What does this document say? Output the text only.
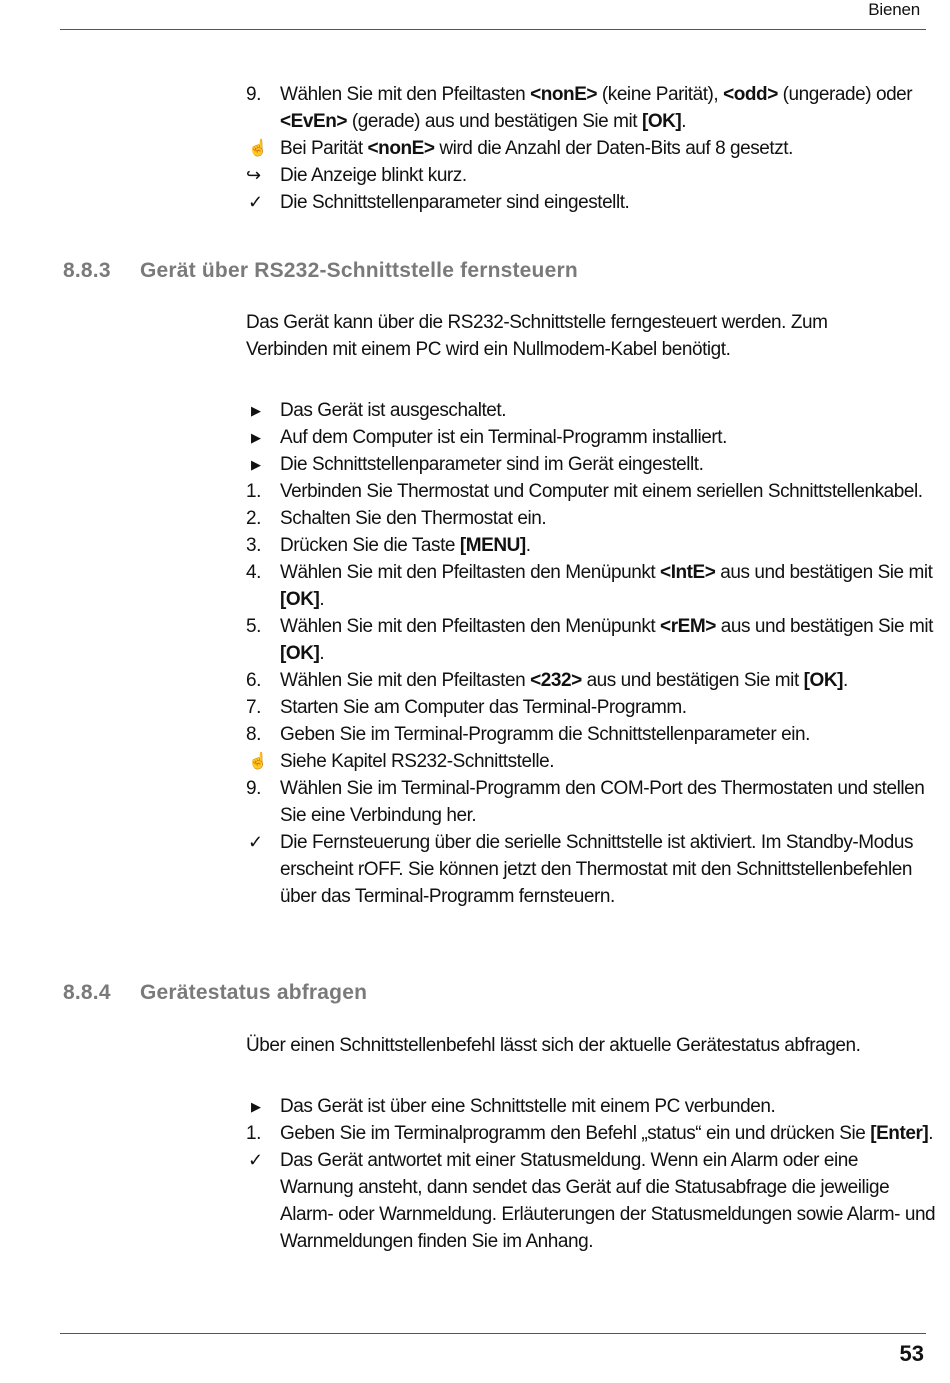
Bienen
9.	Wählen Sie mit den Pfeiltasten <nonE> (keine Parität), <odd> (ungerade) oder <EvEn> (gerade) aus und bestätigen Sie mit [OK].
☝ Bei Parität <nonE> wird die Anzahl der Daten-Bits auf 8 gesetzt.
↪	Die Anzeige blinkt kurz.
✓ Die Schnittstellenparameter sind eingestellt.
8.8.3 Gerät über RS232-Schnittstelle fernsteuern

Das Gerät kann über die RS232-Schnittstelle ferngesteuert werden. Zum Verbinden mit einem PC wird ein Nullmodem-Kabel benötigt.

▶	Das Gerät ist ausgeschaltet.
▶	Auf dem Computer ist ein Terminal-Programm installiert.
▶	Die Schnittstellenparameter sind im Gerät eingestellt.
1.	Verbinden Sie Thermostat und Computer mit einem seriellen Schnittstellenkabel.
2.	Schalten Sie den Thermostat ein.
3.	Drücken Sie die Taste [MENU].
4.	Wählen Sie mit den Pfeiltasten den Menüpunkt <IntE> aus und bestätigen Sie mit [OK].
5.	Wählen Sie mit den Pfeiltasten den Menüpunkt <rEM> aus und bestätigen Sie mit [OK].
6.	Wählen Sie mit den Pfeiltasten <232> aus und bestätigen Sie mit [OK].
7.	Starten Sie am Computer das Terminal-Programm.
8.	Geben Sie im Terminal-Programm die Schnittstellenparameter ein.
☝ Siehe Kapitel RS232-Schnittstelle.
9.	Wählen Sie im Terminal-Programm den COM-Port des Thermostaten und stellen Sie eine Verbindung her.
✓ Die Fernsteuerung über die serielle Schnittstelle ist aktiviert. Im Standby-Modus erscheint rOFF. Sie können jetzt den Thermostat mit den Schnittstellenbefehlen über das Terminal-Programm fernsteuern.
8.8.4 Gerätestatus abfragen

Über einen Schnittstellenbefehl lässt sich der aktuelle Gerätestatus abfragen.

▶	Das Gerät ist über eine Schnittstelle mit einem PC verbunden.
1.	Geben Sie im Terminalprogramm den Befehl „status“ ein und drücken Sie [Enter].
✓ Das Gerät antwortet mit einer Statusmeldung. Wenn ein Alarm oder eine Warnung ansteht, dann sendet das Gerät auf die Statusabfrage die jeweilige Alarm- oder Warnmeldung. Erläuterungen der Statusmeldungen sowie Alarm- und Warnmeldungen finden Sie im Anhang.
53
